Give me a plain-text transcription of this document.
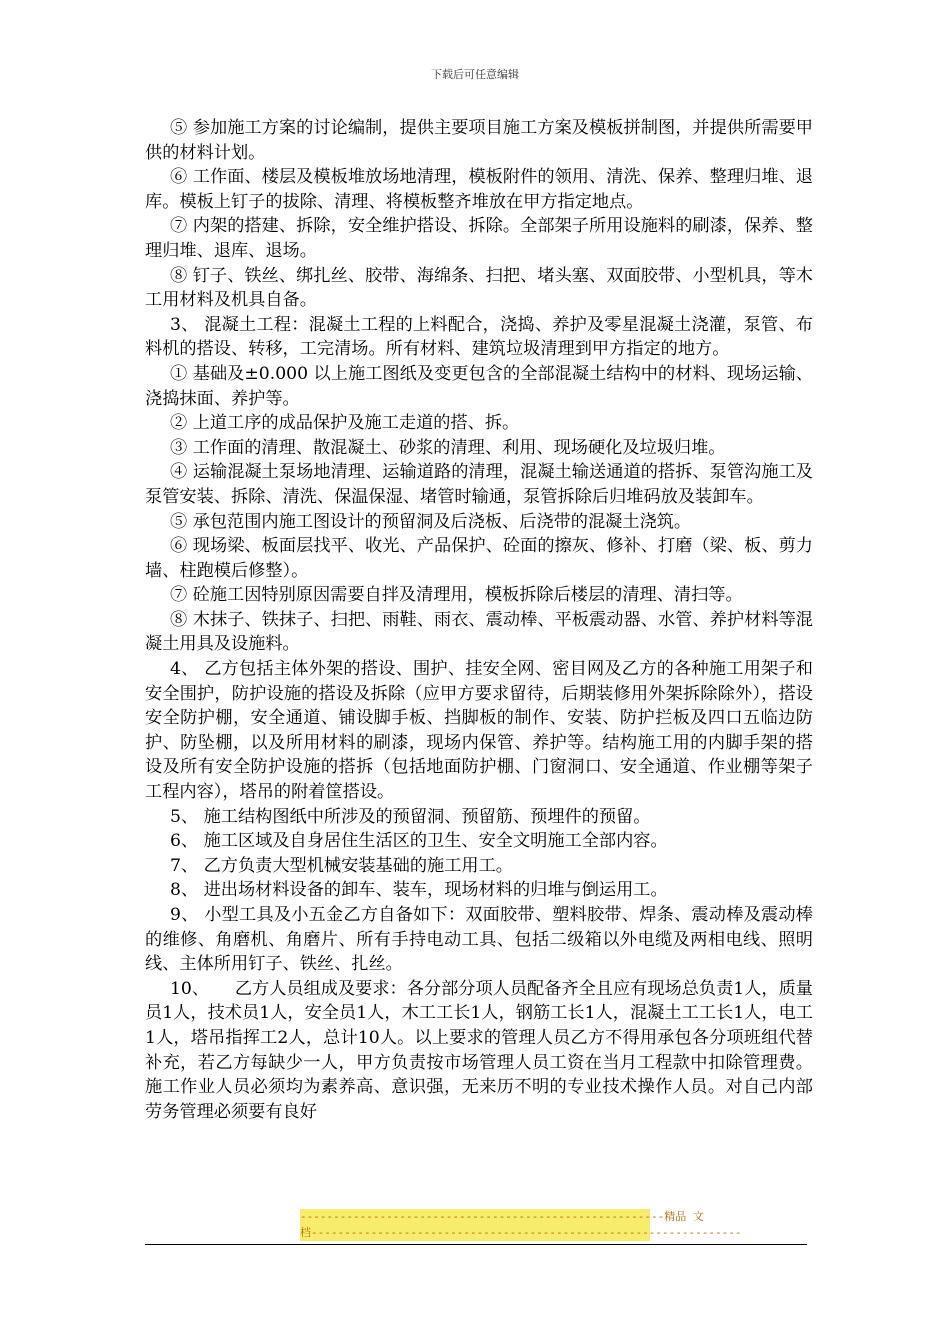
下载后可任意编辑

⑤ 参加施工方案的讨论编制，提供主要项目施工方案及模板拼制图，并提供所需要甲供的材料计划。

⑥ 工作面、楼层及模板堆放场地清理，模板附件的领用、清洗、保养、整理归堆、退库。模板上钉子的拔除、清理、将模板整齐堆放在甲方指定地点。

⑦ 内架的搭建、拆除，安全维护搭设、拆除。全部架子所用设施料的刷漆，保养、整理归堆、退库、退场。

⑧ 钉子、铁丝、绑扎丝、胶带、海绵条、扫把、堵头塞、双面胶带、小型机具，等木工用材料及机具自备。

3、 混凝土工程：混凝土工程的上料配合，浇捣、养护及零星混凝土浇灌，泵管、布料机的搭设、转移，工完清场。所有材料、建筑垃圾清理到甲方指定的地方。

① 基础及±0.000 以上施工图纸及变更包含的全部混凝土结构中的材料、现场运输、浇捣抹面、养护等。

② 上道工序的成品保护及施工走道的搭、拆。

③ 工作面的清理、散混凝土、砂浆的清理、利用、现场硬化及垃圾归堆。

④ 运输混凝土泵场地清理、运输道路的清理，混凝土输送通道的搭拆、泵管沟施工及泵管安装、拆除、清洗、保温保湿、堵管时输通，泵管拆除后归堆码放及装卸车。

⑤ 承包范围内施工图设计的预留洞及后浇板、后浇带的混凝土浇筑。

⑥ 现场梁、板面层找平、收光、产品保护、砼面的擦灰、修补、打磨（梁、板、剪力墙、柱跑模后修整）。

⑦ 砼施工因特别原因需要自拌及清理用，模板拆除后楼层的清理、清扫等。

⑧ 木抹子、铁抹子、扫把、雨鞋、雨衣、震动棒、平板震动器、水管、养护材料等混凝土用具及设施料。

4、 乙方包括主体外架的搭设、围护、挂安全网、密目网及乙方的各种施工用架子和安全围护，防护设施的搭设及拆除（应甲方要求留待，后期装修用外架拆除除外），搭设安全防护棚，安全通道、铺设脚手板、挡脚板的制作、安装、防护拦板及四口五临边防护、防坠棚，以及所用材料的刷漆，现场内保管、养护等。结构施工用的内脚手架的搭设及所有安全防护设施的搭拆（包括地面防护棚、门窗洞口、安全通道、作业棚等架子工程内容），塔吊的附着筐搭设。

5、 施工结构图纸中所涉及的预留洞、预留筋、预埋件的预留。

6、 施工区域及自身居住生活区的卫生、安全文明施工全部内容。

7、 乙方负责大型机械安装基础的施工用工。

8、 进出场材料设备的卸车、装车，现场材料的归堆与倒运用工。

9、 小型工具及小五金乙方自备如下：双面胶带、塑料胶带、焊条、震动棒及震动棒的维修、角磨机、角磨片、所有手持电动工具、包括二级箱以外电缆及两相电线、照明线、主体所用钉子、铁丝、扎丝。

10、　　乙方人员组成及要求：各分部分项人员配备齐全且应有现场总负责1人，质量员1人，技术员1人，安全员1人，木工工长1人，钢筋工长1人，混凝土工工长1人，电工1人，塔吊指挥工2人，总计10人。以上要求的管理人员乙方不得用承包各分项班组代替补充，若乙方每缺少一人，甲方负责按市场管理人员工资在当月工程款中扣除管理费。施工作业人员必须均为素养高、意识强，无来历不明的专业技术操作人员。对自己内部劳务管理必须要有良好

-------------------------------------------------------精品 文
档-----------------------------------------------------------------
